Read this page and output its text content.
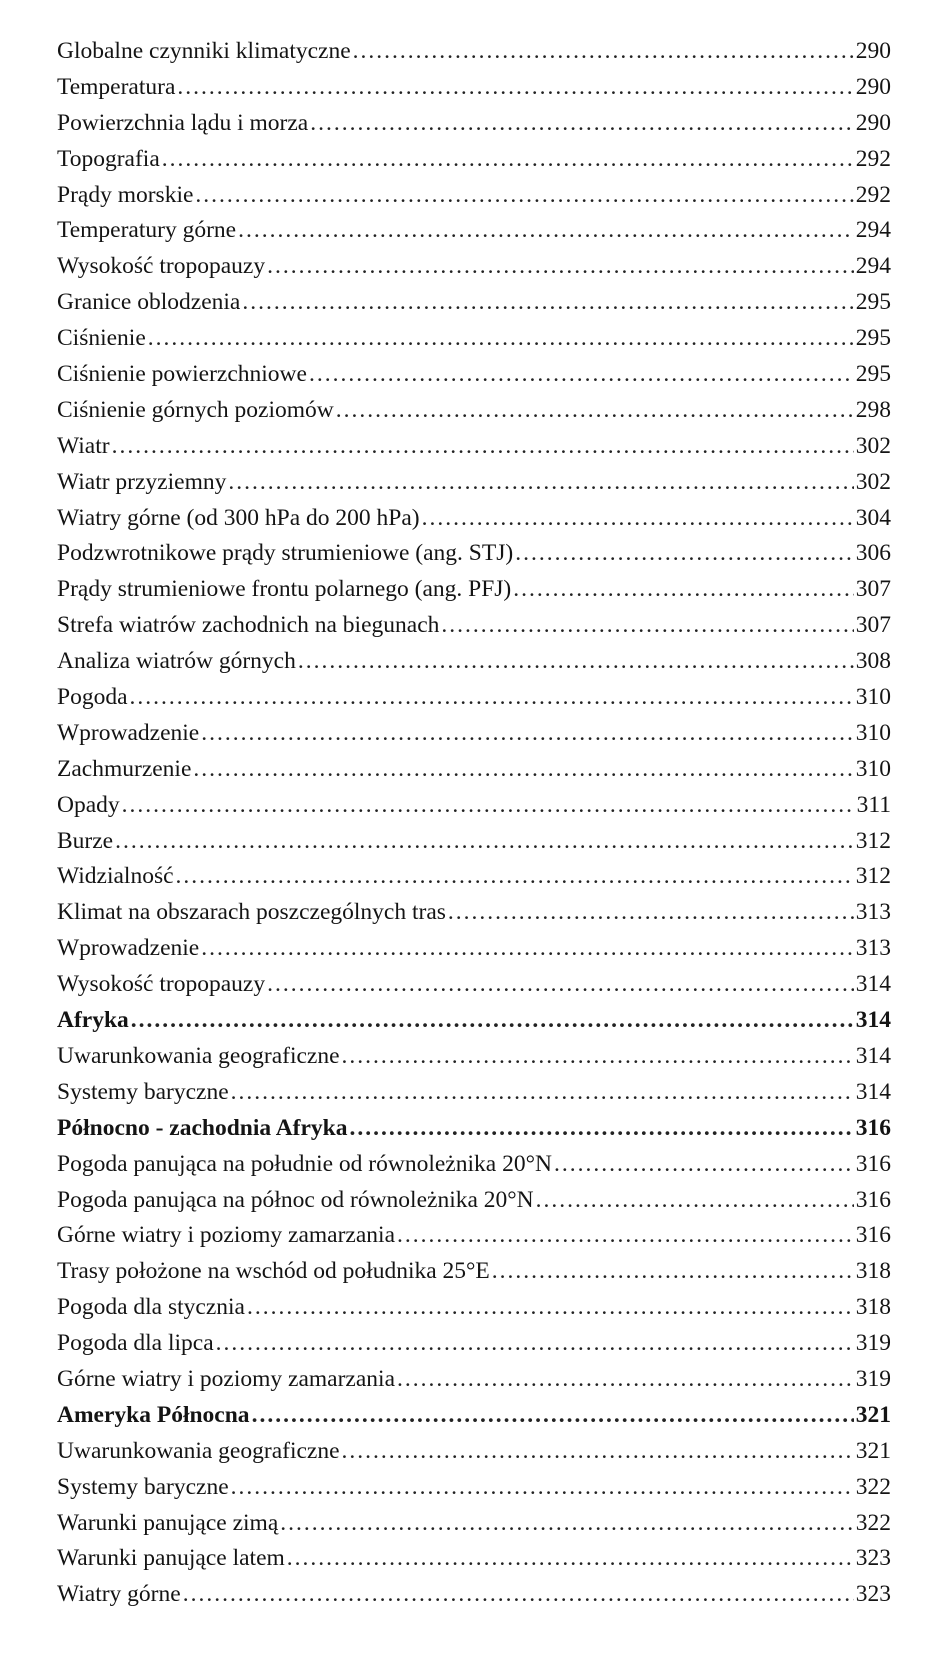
Globalne czynniki klimatyczne .....	290
Temperatura .....	290
Powierzchnia lądu i morza .....	290
Topografia .....	292
Prądy morskie .....	292
Temperatury górne .....	294
Wysokość tropopauzy .....	294
Granice oblodzenia .....	295
Ciśnienie .....	295
Ciśnienie powierzchniowe .....	295
Ciśnienie górnych poziomów .....	298
Wiatr .....	302
Wiatr przyziemny .....	302
Wiatry górne (od 300 hPa do 200 hPa) .....	304
Podzwrotnikowe prądy strumieniowe (ang. STJ) .....	306
Prądy strumieniowe frontu polarnego (ang. PFJ) .....	307
Strefa wiatrów zachodnich na biegunach .....	307
Analiza wiatrów górnych .....	308
Pogoda .....	310
Wprowadzenie .....	310
Zachmurzenie .....	310
Opady .....	311
Burze .....	312
Widzialność .....	312
Klimat na obszarach poszczególnych tras .....	313
Wprowadzenie .....	313
Wysokość tropopauzy .....	314
Afryka .....	314
Uwarunkowania geograficzne .....	314
Systemy baryczne .....	314
Północno - zachodnia Afryka .....	316
Pogoda panująca na południe od równoleżnika 20°N .....	316
Pogoda panująca na północ od równoleżnika 20°N .....	316
Górne wiatry i poziomy zamarzania .....	316
Trasy położone na wschód od południka 25°E .....	318
Pogoda dla stycznia .....	318
Pogoda dla lipca .....	319
Górne wiatry i poziomy zamarzania .....	319
Ameryka Północna .....	321
Uwarunkowania geograficzne .....	321
Systemy baryczne .....	322
Warunki panujące zimą .....	322
Warunki panujące latem .....	323
Wiatry górne .....	323
